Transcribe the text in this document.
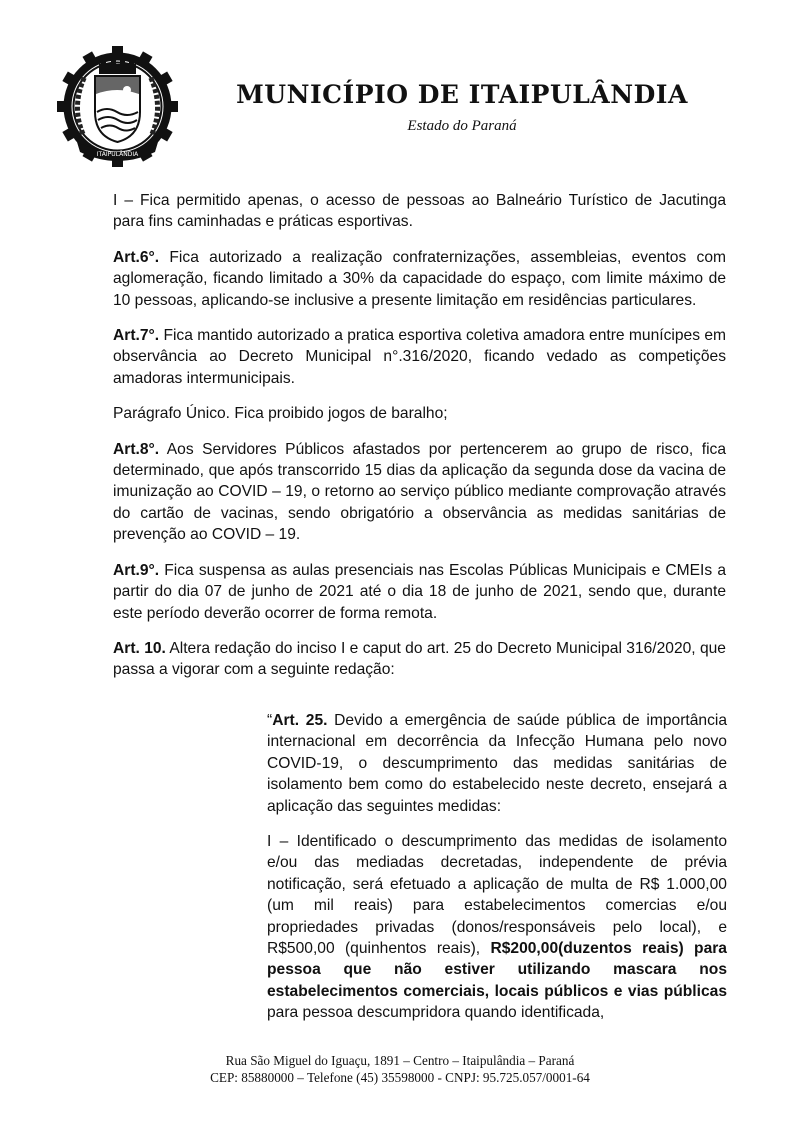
ITAIPULÂNDIA
MUNICÍPIO DE ITAIPULÂNDIA
Estado do Paraná

I – Fica permitido apenas, o acesso de pessoas ao Balneário Turístico de Jacutinga para fins caminhadas e práticas esportivas.

Art.6°. Fica autorizado a realização confraternizações, assembleias, eventos com aglomeração, ficando limitado a 30% da capacidade do espaço, com limite máximo de 10 pessoas, aplicando-se inclusive a presente limitação em residências particulares.

Art.7°. Fica mantido autorizado a pratica esportiva coletiva amadora entre munícipes em observância ao Decreto Municipal n°.316/2020, ficando vedado as competições amadoras intermunicipais.

Parágrafo Único. Fica proibido jogos de baralho;

Art.8°. Aos Servidores Públicos afastados por pertencerem ao grupo de risco, fica determinado, que após transcorrido 15 dias da aplicação da segunda dose da vacina de imunização ao COVID – 19, o retorno ao serviço público mediante comprovação através do cartão de vacinas, sendo obrigatório a observância as medidas sanitárias de prevenção ao COVID – 19.

Art.9°. Fica suspensa as aulas presenciais nas Escolas Públicas Municipais e CMEIs a partir do dia 07 de junho de 2021 até o dia 18 de junho de 2021, sendo que, durante este período deverão ocorrer de forma remota.

Art. 10. Altera redação do inciso I e caput do art. 25 do Decreto Municipal 316/2020, que passa a vigorar com a seguinte redação:

“Art. 25. Devido a emergência de saúde pública de importância internacional em decorrência da Infecção Humana pelo novo COVID-19, o descumprimento das medidas sanitárias de isolamento bem como do estabelecido neste decreto, ensejará a aplicação das seguintes medidas:

I – Identificado o descumprimento das medidas de isolamento e/ou das mediadas decretadas, independente de prévia notificação, será efetuado a aplicação de multa de R$ 1.000,00 (um mil reais) para estabelecimentos comercias e/ou propriedades privadas (donos/responsáveis pelo local), e R$500,00 (quinhentos reais), R$200,00(duzentos reais) para pessoa que não estiver utilizando mascara nos estabelecimentos comerciais, locais públicos e vias públicas para pessoa descumpridora quando identificada,

Rua São Miguel do Iguaçu, 1891 – Centro – Itaipulândia – Paraná
CEP: 85880000 – Telefone (45) 35598000 - CNPJ: 95.725.057/0001-64
